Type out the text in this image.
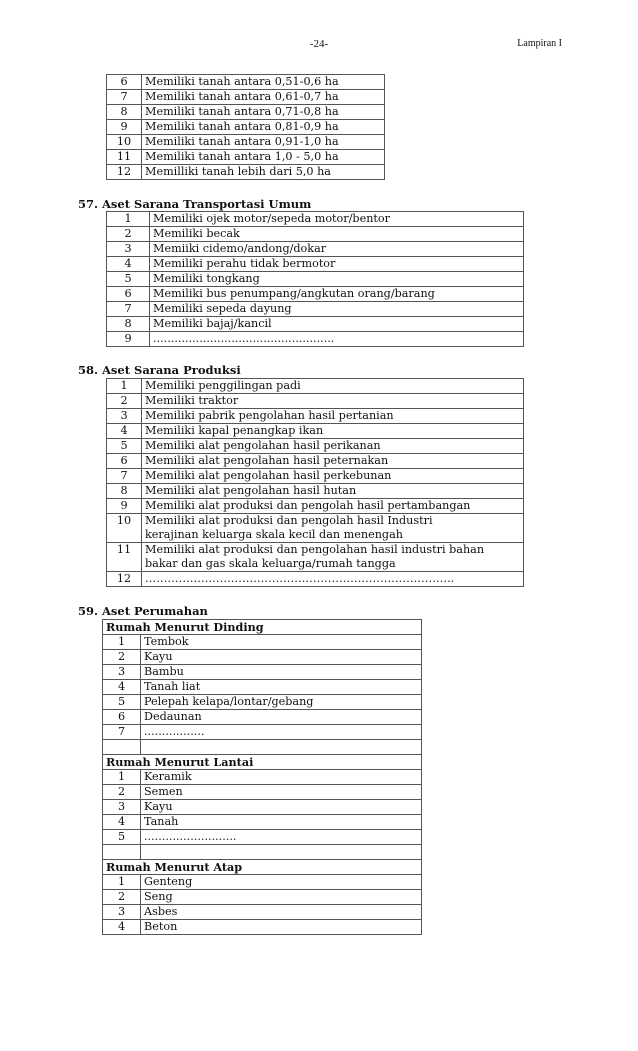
-24-	Lampiran I
6	Memiliki tanah antara 0,51-0,6 ha

7	Memiliki tanah antara 0,61-0,7 ha

8	Memiliki tanah antara 0,71-0,8 ha

9	Memiliki tanah antara 0,81-0,9 ha

10	Memiliki tanah antara 0,91-1,0 ha

11	Memiliki tanah antara 1,0 - 5,0 ha

12	Memilliki tanah lebih dari 5,0 ha
57. Aset Sarana Transportasi Umum
1	Memiliki ojek motor/sepeda motor/bentor

2	Memiliki becak

3	Memiiki cidemo/andong/dokar

4	Memiliki perahu tidak bermotor

5	Memiliki tongkang

6	Memiliki bus penumpang/angkutan orang/barang

7	Memiliki sepeda dayung

8	Memiliki bajaj/kancil

9	...................................................
58. Aset Sarana Produksi
1	Memiliki penggilingan padi

2	Memiliki traktor

3	Memiliki pabrik pengolahan hasil pertanian

4	Memiliki kapal penangkap ikan

5	Memiliki alat pengolahan hasil perikanan

6	Memiliki alat pengolahan hasil peternakan

7	Memiliki alat pengolahan hasil perkebunan

8	Memiliki alat pengolahan hasil hutan

9	Memiliki alat produksi dan pengolah hasil pertambangan

10	Memiliki alat produksi dan pengolah hasil Industri
kerajinan keluarga skala kecil dan menengah

11	Memiliki alat produksi dan pengolahan hasil industri bahan
bakar dan gas skala keluarga/rumah tangga

12	………………………………………………………………………..
59. Aset Perumahan
Rumah Menurut Dinding	
1	Tembok

2	Kayu

3	Bambu

4	Tanah liat

5	Pelepah kelapa/lontar/gebang

6	Dedaunan

7	.................

Rumah Menurut Lantai	
1	Keramik

2	Semen

3	Kayu

4	Tanah

5	..........................

Rumah Menurut Atap	
1	Genteng

2	Seng

3	Asbes

4	Beton
